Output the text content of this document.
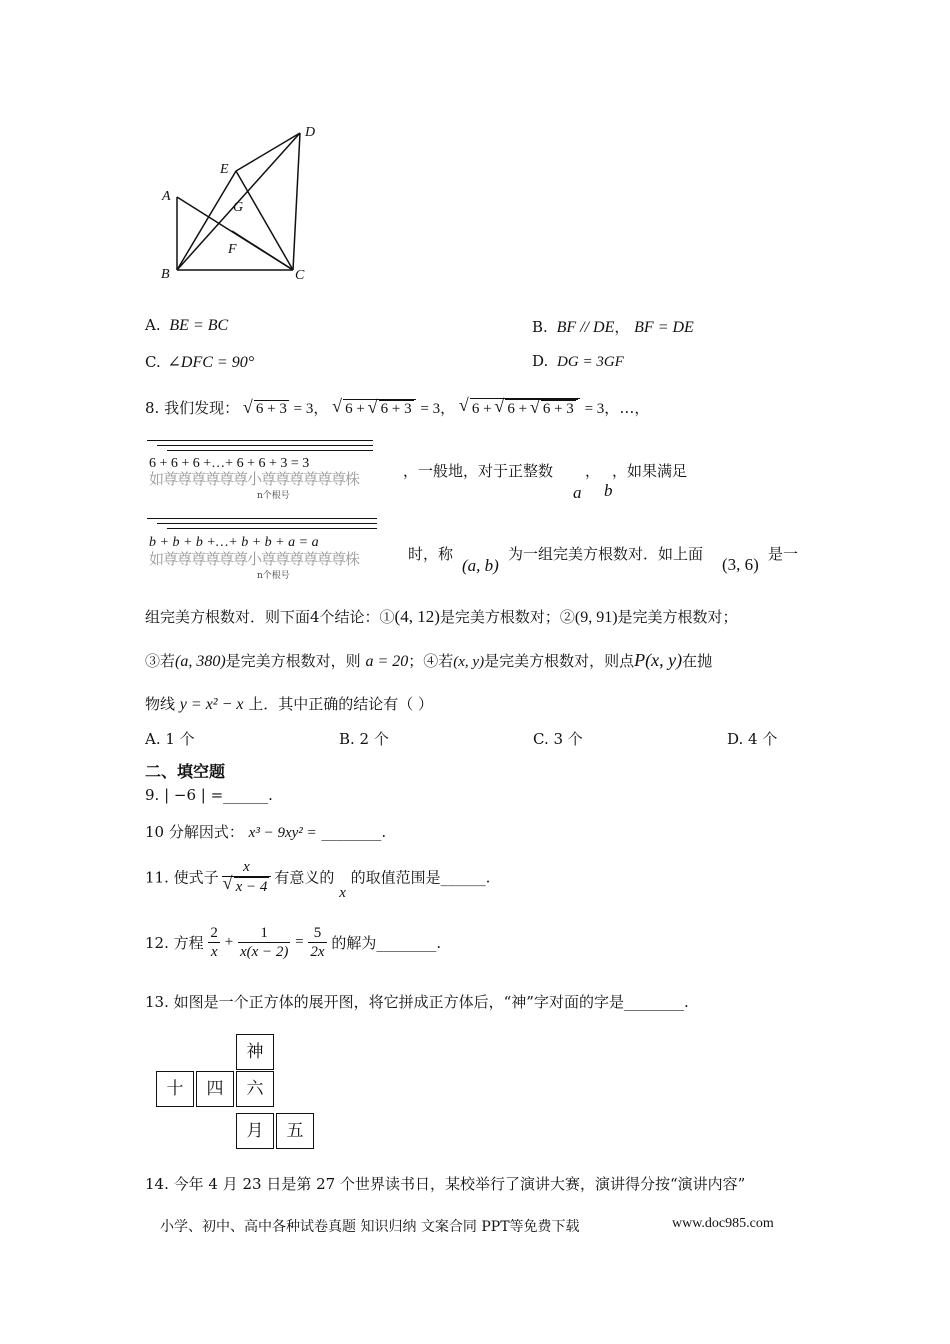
A
B	C
D
E
F
G
A. BE = BC	B. BF // DE， BF = DE
C. ∠DFC = 90°	D. DG = 3GF
8. 我们发现： √ 6 + 3 = 3， √ 6 + √ 6 + 3 = 3， √ 6 + √ 6 + √ 6 + 3 = 3，…，
6 + 6 + 6 +…+ 6 + 6 + 3 = 3
如尊尊尊尊尊尊小尊尊尊尊尊尊株
n个根号
，一般地，对于正整数
a
，
b
，如果满足
b + b + b +…+ b + b + a = a
如尊尊尊尊尊尊小尊尊尊尊尊尊株
n个根号
时，称
(a, b)
为一组完美方根数对．如上面
(3, 6)
是一
组完美方根数对．则下面4个结论：①(4, 12)是完美方根数对；②(9, 91)是完美方根数对；
③若(a, 380)是完美方根数对，则 a = 20；④若(x, y)是完美方根数对，则点P(x, y)在抛
物线 y = x² − x 上．其中正确的结论有（ ）
A. 1 个	B. 2 个	C. 3 个	D. 4 个
二、填空题
9. | −6 | =______.
10 分解因式： x³ − 9xy² = ________.
11. 使式子 x
√ x − 4 有意义的 x 的取值范围是______.
12. 方程 $\frac{2}{x} + \frac{1}{x(x - 2)} = \frac{5}{2x}$ 的解为________.
13. 如图是一个正方体的展开图，将它拼成正方体后，“神”字对面的字是________.
神
十	四	六
月	五
14. 今年 4 月 23 日是第 27 个世界读书日，某校举行了演讲大赛，演讲得分按“演讲内容”
小学、初中、高中各种试卷真题 知识归纳 文案合同 PPT等免费下载	www.doc985.com
